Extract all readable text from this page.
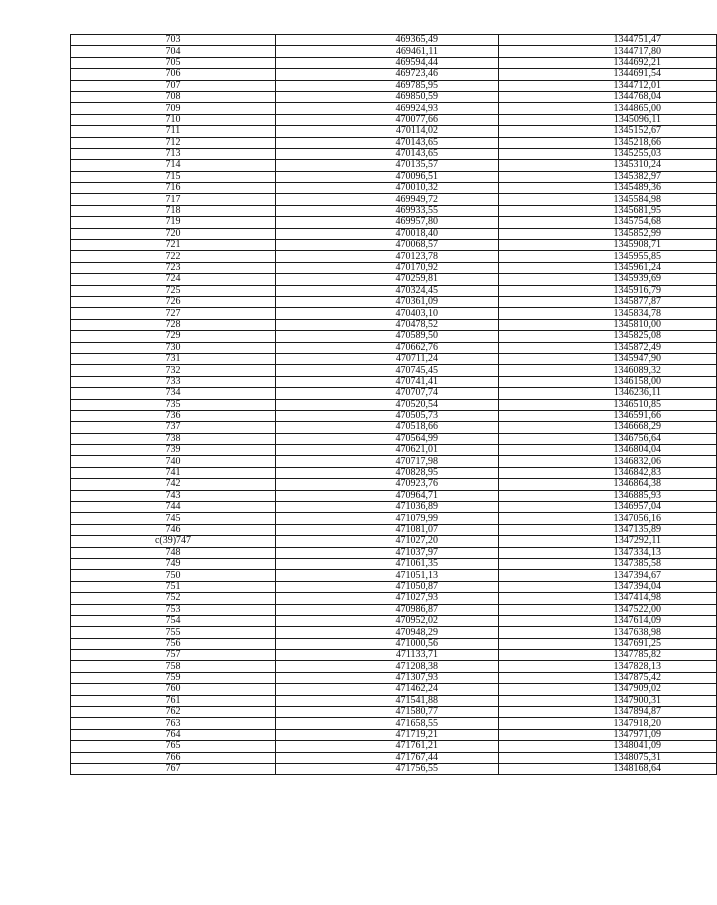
703	469365,49	1344751,47
704	469461,11	1344717,80
705	469594,44	1344692,21
706	469723,46	1344691,54
707	469785,95	1344712,01
708	469850,59	1344768,04
709	469924,93	1344865,00
710	470077,66	1345096,11
711	470114,02	1345152,67
712	470143,65	1345218,66
713	470143,65	1345255,03
714	470135,57	1345310,24
715	470096,51	1345382,97
716	470010,32	1345489,36
717	469949,72	1345584,98
718	469933,55	1345681,95
719	469957,80	1345754,68
720	470018,40	1345852,99
721	470068,57	1345908,71
722	470123,78	1345955,85
723	470170,92	1345961,24
724	470259,81	1345939,69
725	470324,45	1345916,79
726	470361,09	1345877,87
727	470403,10	1345834,78
728	470478,52	1345810,00
729	470589,50	1345825,08
730	470662,76	1345872,49
731	470711,24	1345947,90
732	470745,45	1346089,32
733	470741,41	1346158,00
734	470707,74	1346236,11
735	470520,54	1346510,85
736	470505,73	1346591,66
737	470518,66	1346668,29
738	470564,99	1346756,64
739	470621,01	1346804,04
740	470717,98	1346832,06
741	470828,95	1346842,83
742	470923,76	1346864,38
743	470964,71	1346885,93
744	471036,89	1346957,04
745	471079,99	1347056,16
746	471081,07	1347135,89
c(39)747	471027,20	1347292,11
748	471037,97	1347334,13
749	471061,35	1347385,58
750	471051,13	1347394,67
751	471050,87	1347394,04
752	471027,93	1347414,98
753	470986,87	1347522,00
754	470952,02	1347614,09
755	470948,29	1347638,98
756	471000,56	1347691,25
757	471133,71	1347785,82
758	471208,38	1347828,13
759	471307,93	1347875,42
760	471462,24	1347909,02
761	471541,88	1347900,31
762	471580,77	1347894,87
763	471658,55	1347918,20
764	471719,21	1347971,09
765	471761,21	1348041,09
766	471767,44	1348075,31
767	471756,55	1348168,64
